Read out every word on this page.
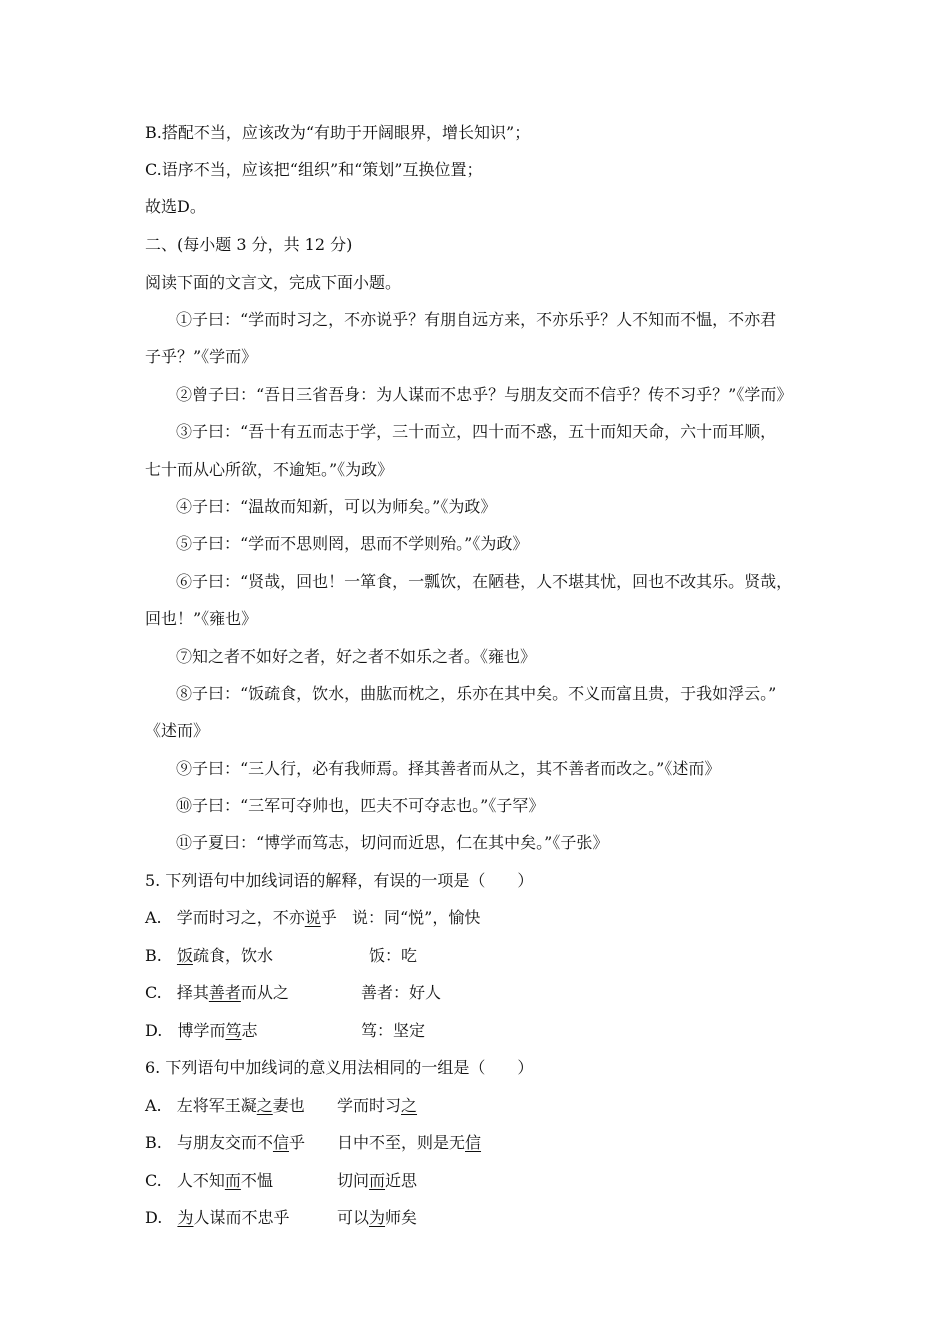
B.搭配不当，应该改为“有助于开阔眼界，增长知识”；
C.语序不当，应该把“组织”和“策划”互换位置；
故选D。
二、(每小题 3 分，共 12 分)
阅读下面的文言文，完成下面小题。
①子曰：“学而时习之，不亦说乎？有朋自远方来，不亦乐乎？人不知而不愠，不亦君
子乎？”《学而》
②曾子曰：“吾日三省吾身：为人谋而不忠乎？与朋友交而不信乎？传不习乎？”《学而》
③子曰：“吾十有五而志于学，三十而立，四十而不惑，五十而知天命，六十而耳顺，
七十而从心所欲，不逾矩。”《为政》
④子曰：“温故而知新，可以为师矣。”《为政》
⑤子曰：“学而不思则罔，思而不学则殆。”《为政》
⑥子曰：“贤哉，回也！一箪食，一瓢饮，在陋巷，人不堪其忧，回也不改其乐。贤哉，
回也！”《雍也》
⑦知之者不如好之者，好之者不如乐之者。《雍也》
⑧子曰：“饭疏食，饮水，曲肱而枕之，乐亦在其中矣。不义而富且贵，于我如浮云。”
《述而》
⑨子曰：“三人行，必有我师焉。择其善者而从之，其不善者而改之。”《述而》
⑩子曰：“三军可夺帅也，匹夫不可夺志也。”《子罕》
⑪子夏曰：“博学而笃志，切问而近思，仁在其中矣。”《子张》
5. 下列语句中加线词语的解释，有误的一项是（　　）
A. 学而时习之，不亦说乎 说：同“悦”，愉快
B. 饭疏食，饮水	饭：吃
C. 择其善者而从之	善者：好人
D. 博学而笃志	笃：坚定
6. 下列语句中加线词的意义用法相同的一组是（　　）
A. 左将军王凝之妻也 学而时习之
B. 与朋友交而不信乎 日中不至，则是无信
C. 人不知而不愠	切问而近思
D. 为人谋而不忠乎	可以为师矣
